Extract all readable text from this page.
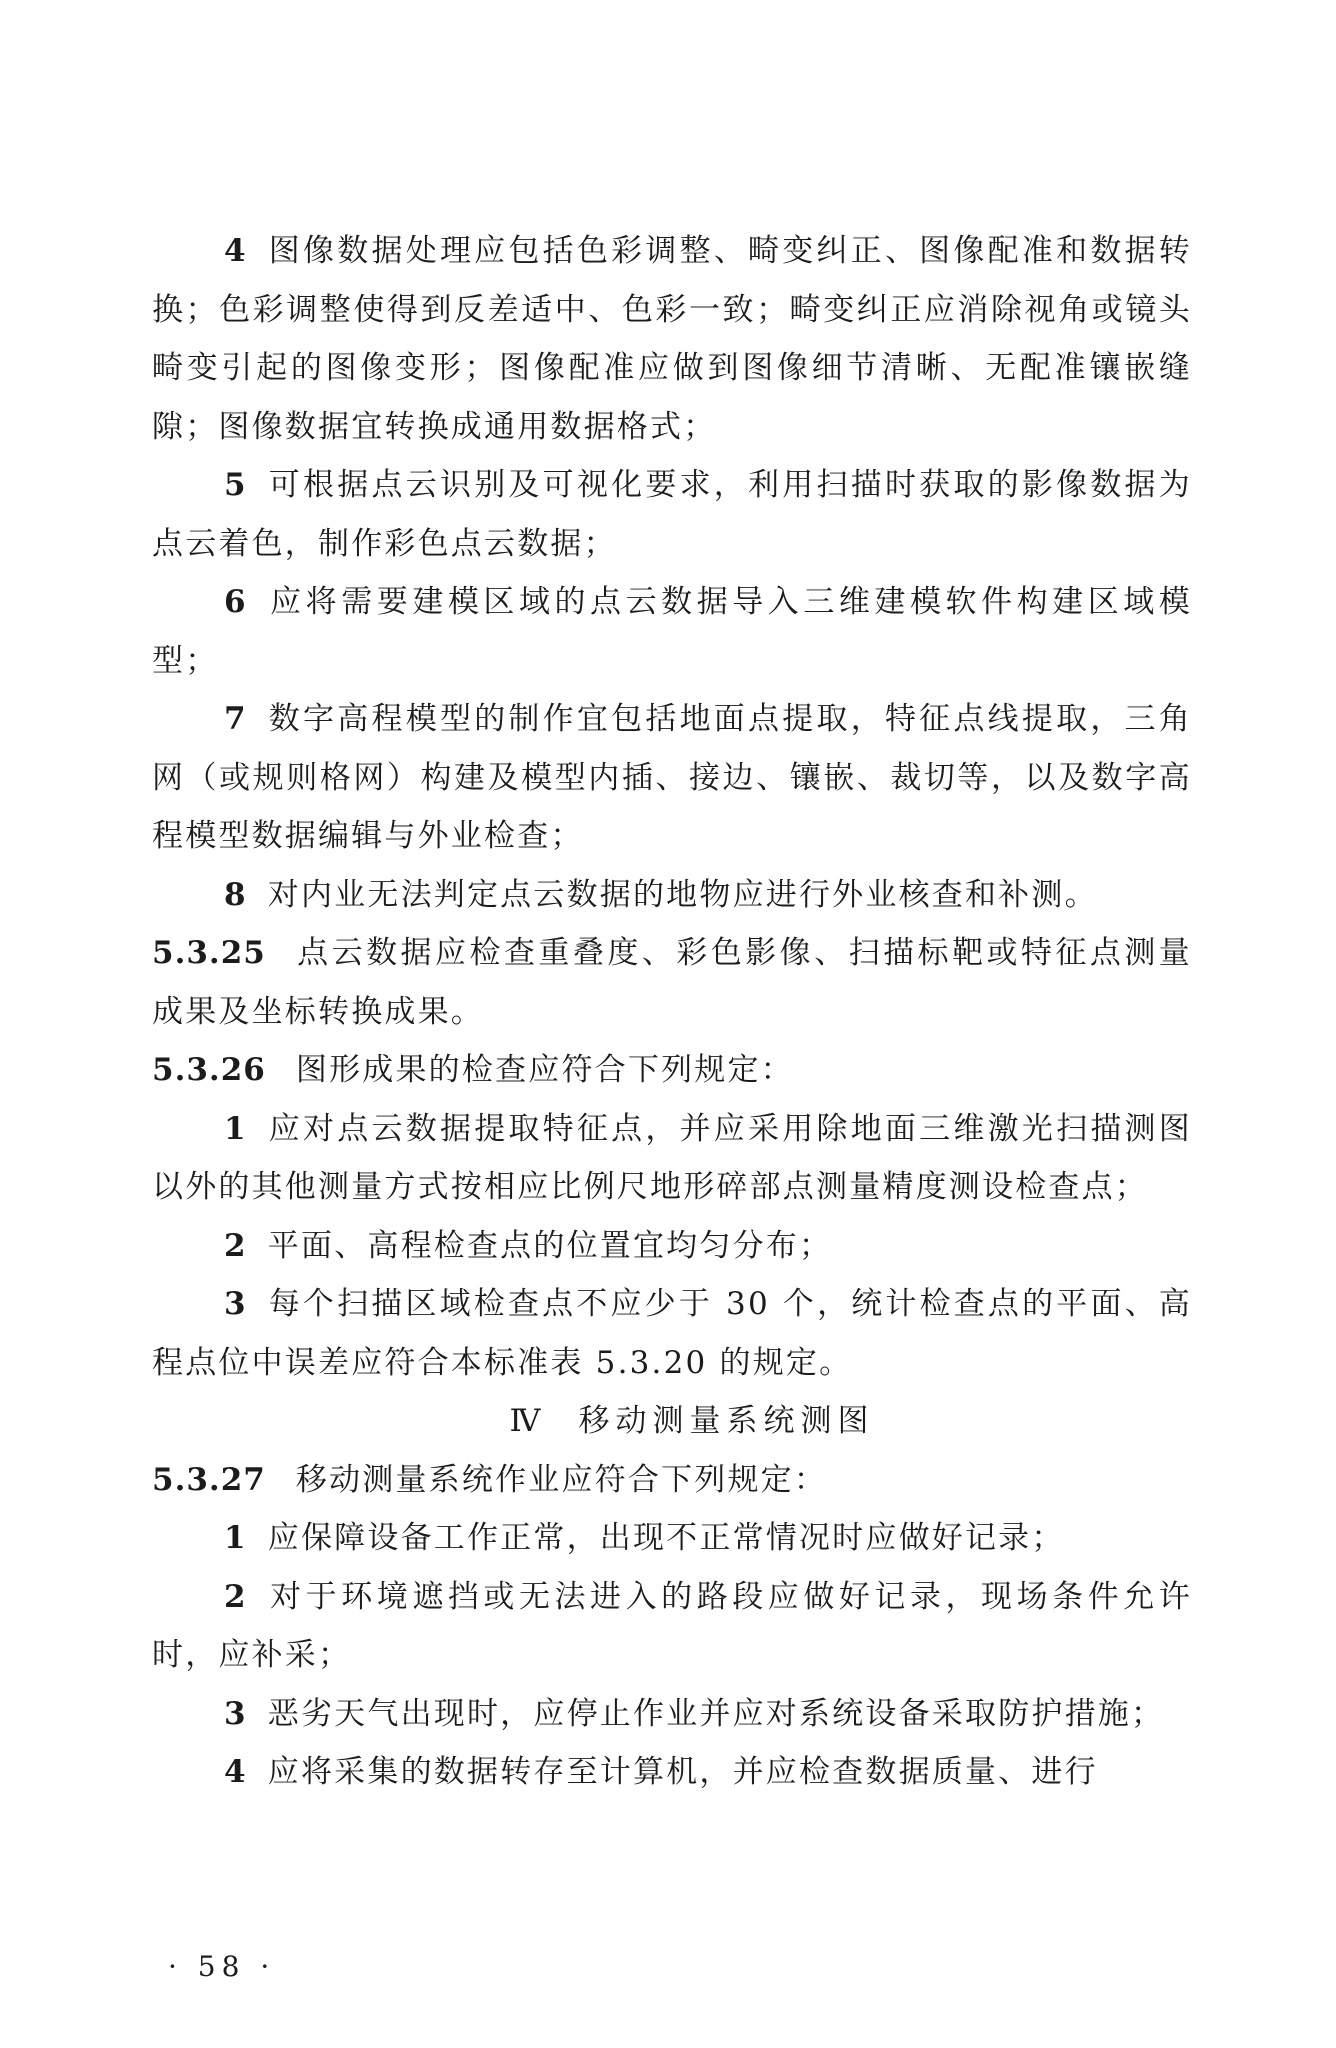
4 图像数据处理应包括色彩调整、畸变纠正、图像配准和数据转换；色彩调整使得到反差适中、色彩一致；畸变纠正应消除视角或镜头畸变引起的图像变形；图像配准应做到图像细节清晰、无配准镶嵌缝隙；图像数据宜转换成通用数据格式；

5 可根据点云识别及可视化要求，利用扫描时获取的影像数据为点云着色，制作彩色点云数据；

6 应将需要建模区域的点云数据导入三维建模软件构建区域模型；

7 数字高程模型的制作宜包括地面点提取，特征点线提取，三角网（或规则格网）构建及模型内插、接边、镶嵌、裁切等，以及数字高程模型数据编辑与外业检查；

8 对内业无法判定点云数据的地物应进行外业核查和补测。

5.3.25 点云数据应检查重叠度、彩色影像、扫描标靶或特征点测量成果及坐标转换成果。

5.3.26 图形成果的检查应符合下列规定：

1 应对点云数据提取特征点，并应采用除地面三维激光扫描测图以外的其他测量方式按相应比例尺地形碎部点测量精度测设检查点；

2 平面、高程检查点的位置宜均匀分布；

3 每个扫描区域检查点不应少于 30 个，统计检查点的平面、高程点位中误差应符合本标准表 5.3.20 的规定。

Ⅳ 移动测量系统测图

5.3.27 移动测量系统作业应符合下列规定：

1 应保障设备工作正常，出现不正常情况时应做好记录；

2 对于环境遮挡或无法进入的路段应做好记录，现场条件允许时，应补采；

3 恶劣天气出现时，应停止作业并应对系统设备采取防护措施；

4 应将采集的数据转存至计算机，并应检查数据质量、进行

· 58 ·
